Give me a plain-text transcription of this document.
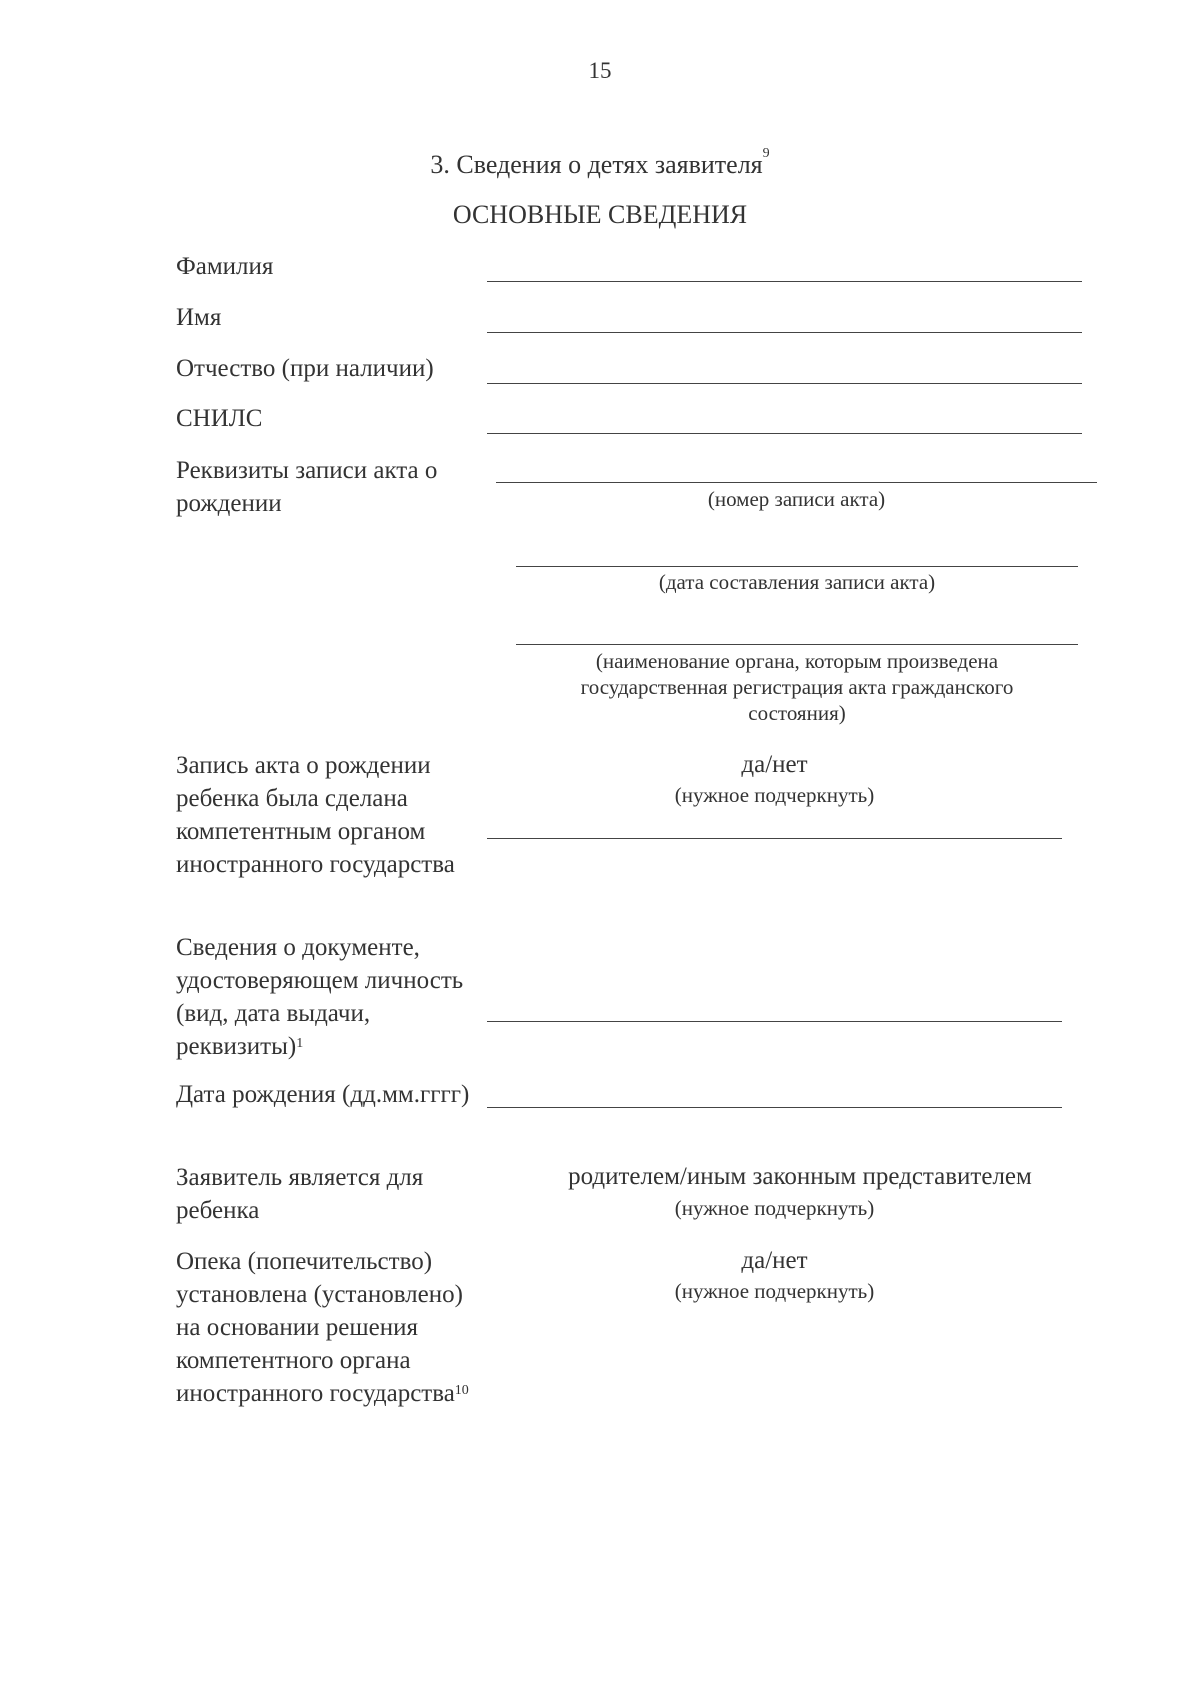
15
3. Сведения о детях заявителя$^9$
ОСНОВНЫЕ СВЕДЕНИЯ
Фамилия
Имя
Отчество (при наличии)
СНИЛС
Реквизиты записи акта о рождении	(номер записи акта)
(дата составления записи акта)
(наименование органа, которым произведена государственная регистрация акта гражданского состояния)
Запись акта о рождении ребенка была сделана компетентным органом иностранного государства
да/нет
(нужное подчеркнуть)
Сведения о документе, удостоверяющем личность (вид, дата выдачи, реквизиты)$^1$
Дата рождения (дд.мм.гггг)
Заявитель является для ребенка
родителем/иным законным представителем
(нужное подчеркнуть)
Опека (попечительство) установлена (установлено) на основании решения компетентного органа иностранного государства$^{10}$
да/нет
(нужное подчеркнуть)
